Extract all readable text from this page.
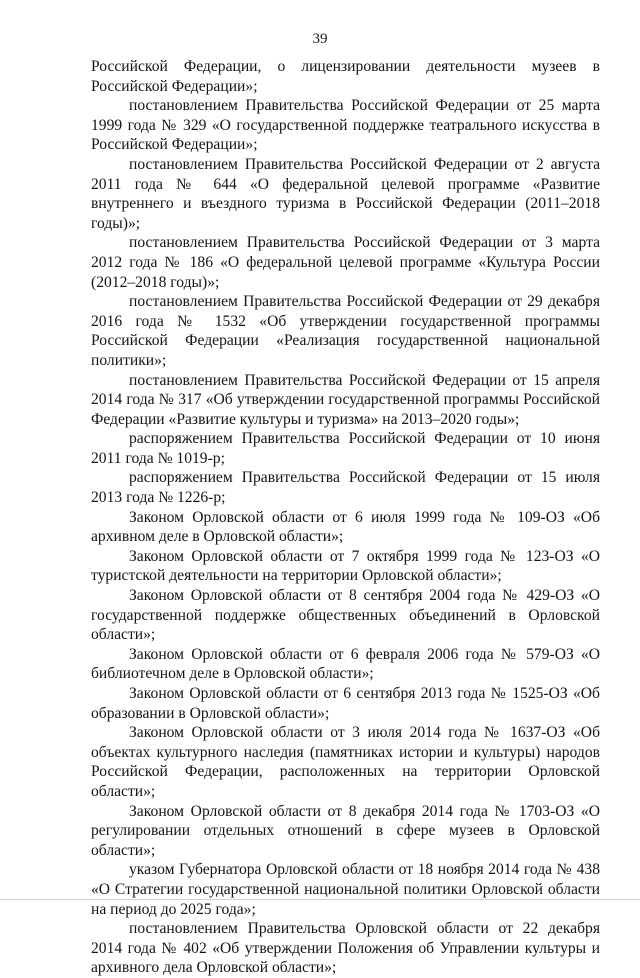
39

Российской Федерации, о лицензировании деятельности музеев в Российской Федерации»;

постановлением Правительства Российской Федерации от 25 марта 1999 года № 329 «О государственной поддержке театрального искусства в Российской Федерации»;

постановлением Правительства Российской Федерации от 2 августа 2011 года № 644 «О федеральной целевой программе «Развитие внутреннего и въездного туризма в Российской Федерации (2011–2018 годы)»;

постановлением Правительства Российской Федерации от 3 марта 2012 года № 186 «О федеральной целевой программе «Культура России (2012–2018 годы)»;

постановлением Правительства Российской Федерации от 29 декабря 2016 года № 1532 «Об утверждении государственной программы Российской Федерации «Реализация государственной национальной политики»;

постановлением Правительства Российской Федерации от 15 апреля 2014 года № 317 «Об утверждении государственной программы Российской Федерации «Развитие культуры и туризма» на 2013–2020 годы»;

распоряжением Правительства Российской Федерации от 10 июня 2011 года № 1019-р;

распоряжением Правительства Российской Федерации от 15 июля 2013 года № 1226-р;

Законом Орловской области от 6 июля 1999 года № 109-ОЗ «Об архивном деле в Орловской области»;

Законом Орловской области от 7 октября 1999 года № 123-ОЗ «О туристской деятельности на территории Орловской области»;

Законом Орловской области от 8 сентября 2004 года № 429-ОЗ «О государственной поддержке общественных объединений в Орловской области»;

Законом Орловской области от 6 февраля 2006 года № 579-ОЗ «О библиотечном деле в Орловской области»;

Законом Орловской области от 6 сентября 2013 года № 1525-ОЗ «Об образовании в Орловской области»;

Законом Орловской области от 3 июля 2014 года № 1637-ОЗ «Об объектах культурного наследия (памятниках истории и культуры) народов Российской Федерации, расположенных на территории Орловской области»;

Законом Орловской области от 8 декабря 2014 года № 1703-ОЗ «О регулировании отдельных отношений в сфере музеев в Орловской области»;

указом Губернатора Орловской области от 18 ноября 2014 года № 438 «О Стратегии государственной национальной политики Орловской области на период до 2025 года»;

постановлением Правительства Орловской области от 22 декабря 2014 года № 402 «Об утверждении Положения об Управлении культуры и архивного дела Орловской области»;
